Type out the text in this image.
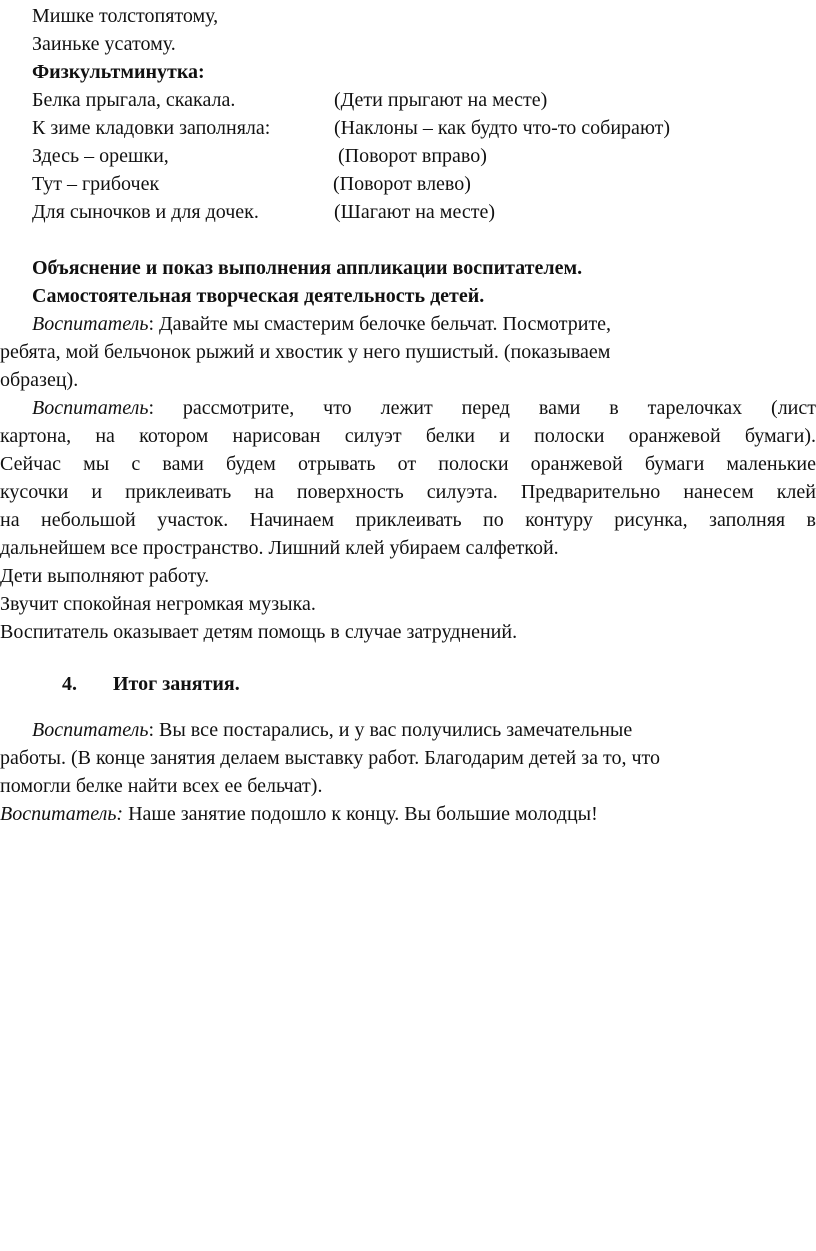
Мишке толстопятому,
Заиньке усатому.
Физкультминутка:
Белка прыгала, скакала.	(Дети прыгают на месте)
К зиме кладовки заполняла:	(Наклоны – как будто что-то собирают)
Здесь – орешки,	(Поворот вправо)
Тут – грибочек	(Поворот влево)
Для сыночков и для дочек.	(Шагают на месте)
Объяснение и показ выполнения аппликации воспитателем.
Самостоятельная творческая деятельность детей.
Воспитатель: Давайте мы смастерим белочке бельчат. Посмотрите,
ребята, мой бельчонок рыжий и хвостик у него пушистый. (показываем
образец).
Воспитатель: рассмотрите, что лежит перед вами в тарелочках (лист
картона, на котором нарисован силуэт белки и полоски оранжевой бумаги).
Сейчас мы с вами будем отрывать от полоски оранжевой бумаги маленькие
кусочки и приклеивать на поверхность силуэта. Предварительно нанесем клей
на небольшой участок. Начинаем приклеивать по контуру рисунка, заполняя в
дальнейшем все пространство. Лишний клей убираем салфеткой.
Дети выполняют работу.
Звучит спокойная негромкая музыка.
Воспитатель оказывает детям помощь в случае затруднений.
4. Итог занятия.
Воспитатель: Вы все постарались, и у вас получились замечательные
работы. (В конце занятия делаем выставку работ. Благодарим детей за то, что
помогли белке найти всех ее бельчат).
Воспитатель: Наше занятие подошло к концу. Вы большие молодцы!
